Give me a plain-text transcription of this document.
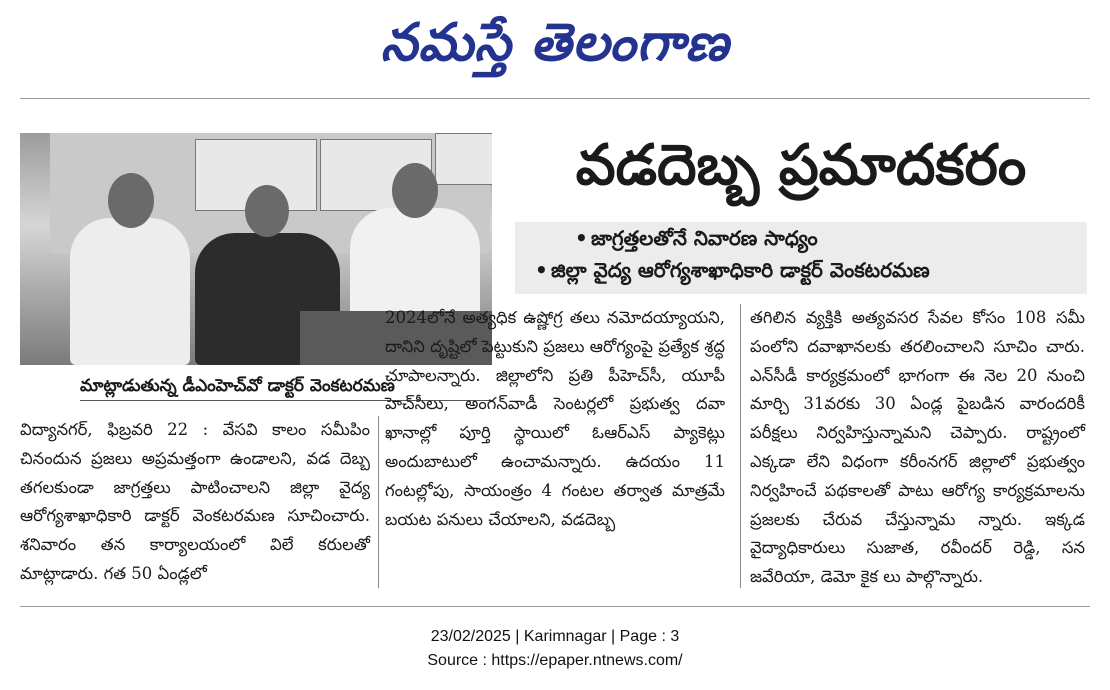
నమస్తే తెలంగాణ
మాట్లాడుతున్న డీఎంహెచ్‌వో డాక్టర్ వెంకటరమణ
వడదెబ్బ ప్రమాదకరం
• జాగ్రత్తలతోనే నివారణ సాధ్యం
• జిల్లా వైద్య ఆరోగ్యశాఖాధికారి డాక్టర్ వెంకటరమణ
విద్యానగర్, ఫిబ్రవరి 22 : వేసవి కాలం సమీపిం చినందున ప్రజలు అప్రమత్తంగా ఉండాలని, వడ దెబ్బ తగలకుండా జాగ్రత్తలు పాటించాలని జిల్లా వైద్య ఆరోగ్యశాఖాధికారి డాక్టర్ వెంకటరమణ సూచించారు. శనివారం తన కార్యాలయంలో విలే కరులతో మాట్లాడారు. గత 50 ఏండ్లలో
2024లోనే అత్యధిక ఉష్ణోగ్ర తలు నమోదయ్యాయని, దానిని దృష్టిలో పెట్టుకుని ప్రజలు ఆరోగ్యంపై ప్రత్యేక శ్రద్ధ చూపాలన్నారు. జిల్లాలోని ప్రతి పీహెచ్‌సీ, యూపీ హెచ్‌సీలు, అంగన్‌వాడీ సెంటర్లలో ప్రభుత్వ దవా ఖానాల్లో పూర్తి స్థాయిలో ఓఆర్‌ఎస్ ప్యాకెట్లు అందుబాటులో ఉంచామన్నారు. ఉదయం 11 గంటల్లోపు, సాయంత్రం 4 గంటల తర్వాత మాత్రమే బయట పనులు చేయాలని, వడదెబ్బ
తగిలిన వ్యక్తికి అత్యవసర సేవల కోసం 108 సమీ పంలోని దవాఖానలకు తరలించాలని సూచిం చారు. ఎన్‌సీడీ కార్యక్రమంలో భాగంగా ఈ నెల 20 నుంచి మార్చి 31వరకు 30 ఏండ్ల పైబడిన వారందరికీ పరీక్షలు నిర్వహిస్తున్నామని చెప్పారు. రాష్ట్రంలో ఎక్కడా లేని విధంగా కరీంనగర్ జిల్లాలో ప్రభుత్వం నిర్వహించే పథకాలతో పాటు ఆరోగ్య కార్యక్రమాలను ప్రజలకు చేరువ చేస్తున్నామ న్నారు. ఇక్కడ వైద్యాధికారులు సుజాత, రవీందర్ రెడ్డి, సన జవేరియా, డెమో కైక లు పాల్గొన్నారు.
23/02/2025 | Karimnagar | Page : 3
Source : https://epaper.ntnews.com/
